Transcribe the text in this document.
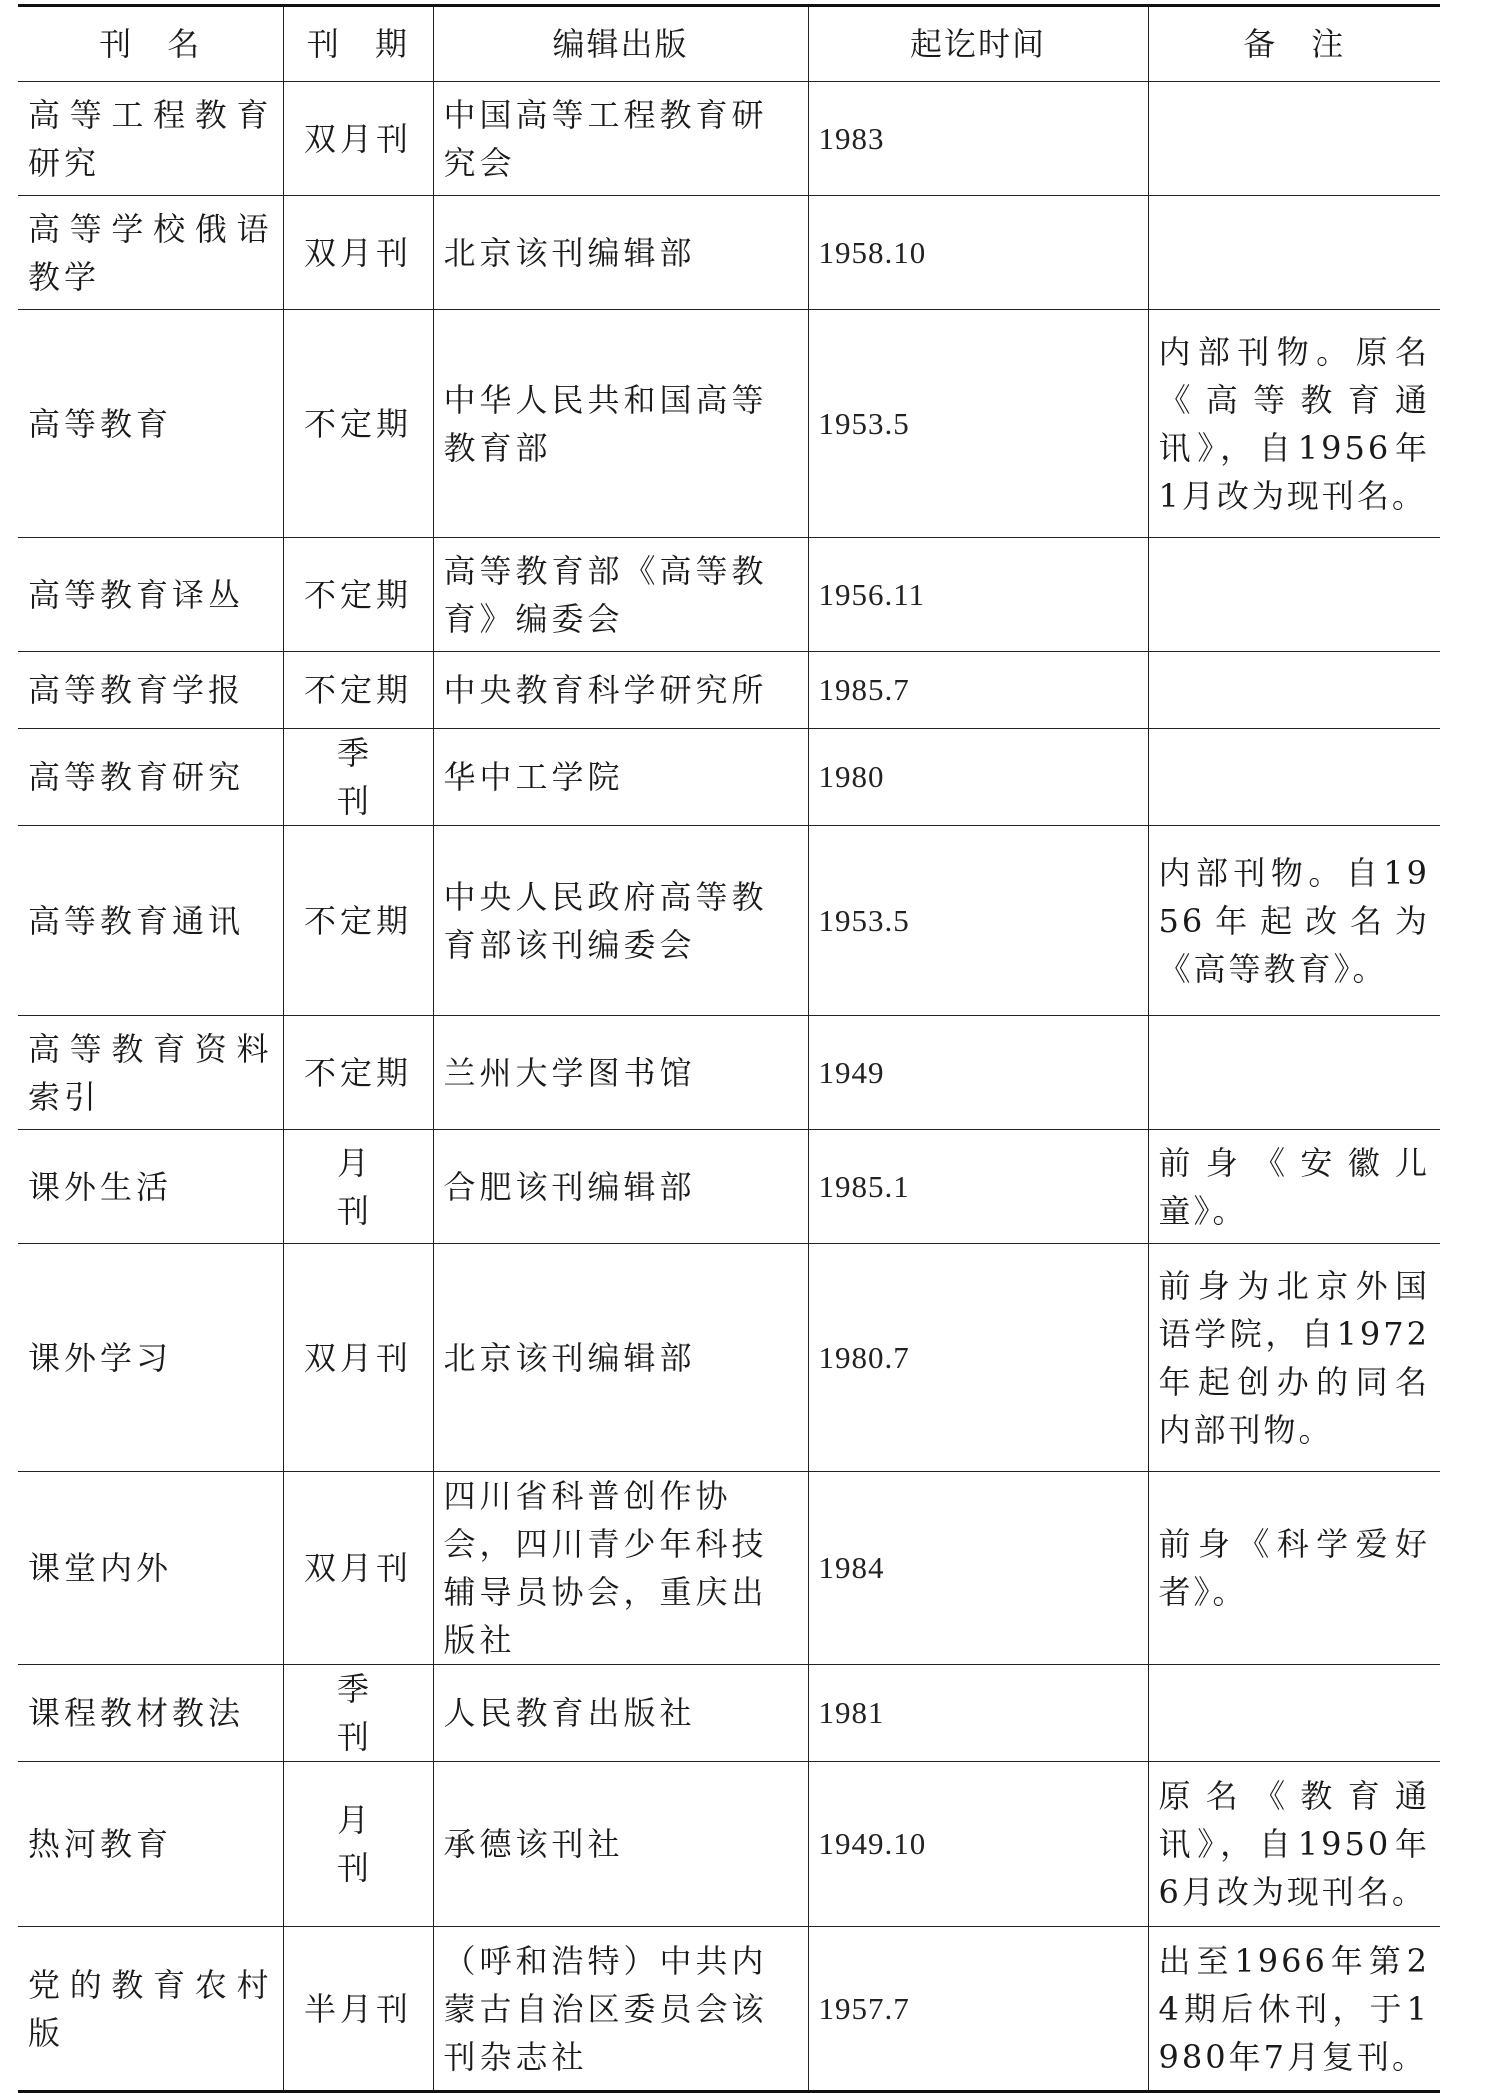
刊　名	刊　期	编辑出版	起讫时间	备　注
高等工程教育研究	双月刊	中国高等工程教育研究会	1983	
高等学校俄语教学	双月刊	北京该刊编辑部	1958.10	
高等教育	不定期	中华人民共和国高等教育部	1953.5	内部刊物。原名《高等教育通讯》，自1956年1月改为现刊名。
高等教育译丛	不定期	高等教育部《高等教育》编委会	1956.11	
高等教育学报	不定期	中央教育科学研究所	1985.7	
高等教育研究	季　刊	华中工学院	1980	
高等教育通讯	不定期	中央人民政府高等教育部该刊编委会	1953.5	内部刊物。自1956年起改名为《高等教育》。
高等教育资料索引	不定期	兰州大学图书馆	1949	
课外生活	月　刊	合肥该刊编辑部	1985.1	前身《安徽儿童》。
课外学习	双月刊	北京该刊编辑部	1980.7	前身为北京外国语学院，自1972年起创办的同名内部刊物。
课堂内外	双月刊	四川省科普创作协会，四川青少年科技辅导员协会，重庆出版社	1984	前身《科学爱好者》。
课程教材教法	季　刊	人民教育出版社	1981	
热河教育	月　刊	承德该刊社	1949.10	原名《教育通讯》，自1950年6月改为现刊名。
党的教育农村版	半月刊	（呼和浩特）中共内蒙古自治区委员会该刊杂志社	1957.7	出至1966年第24期后休刊，于1980年7月复刊。
